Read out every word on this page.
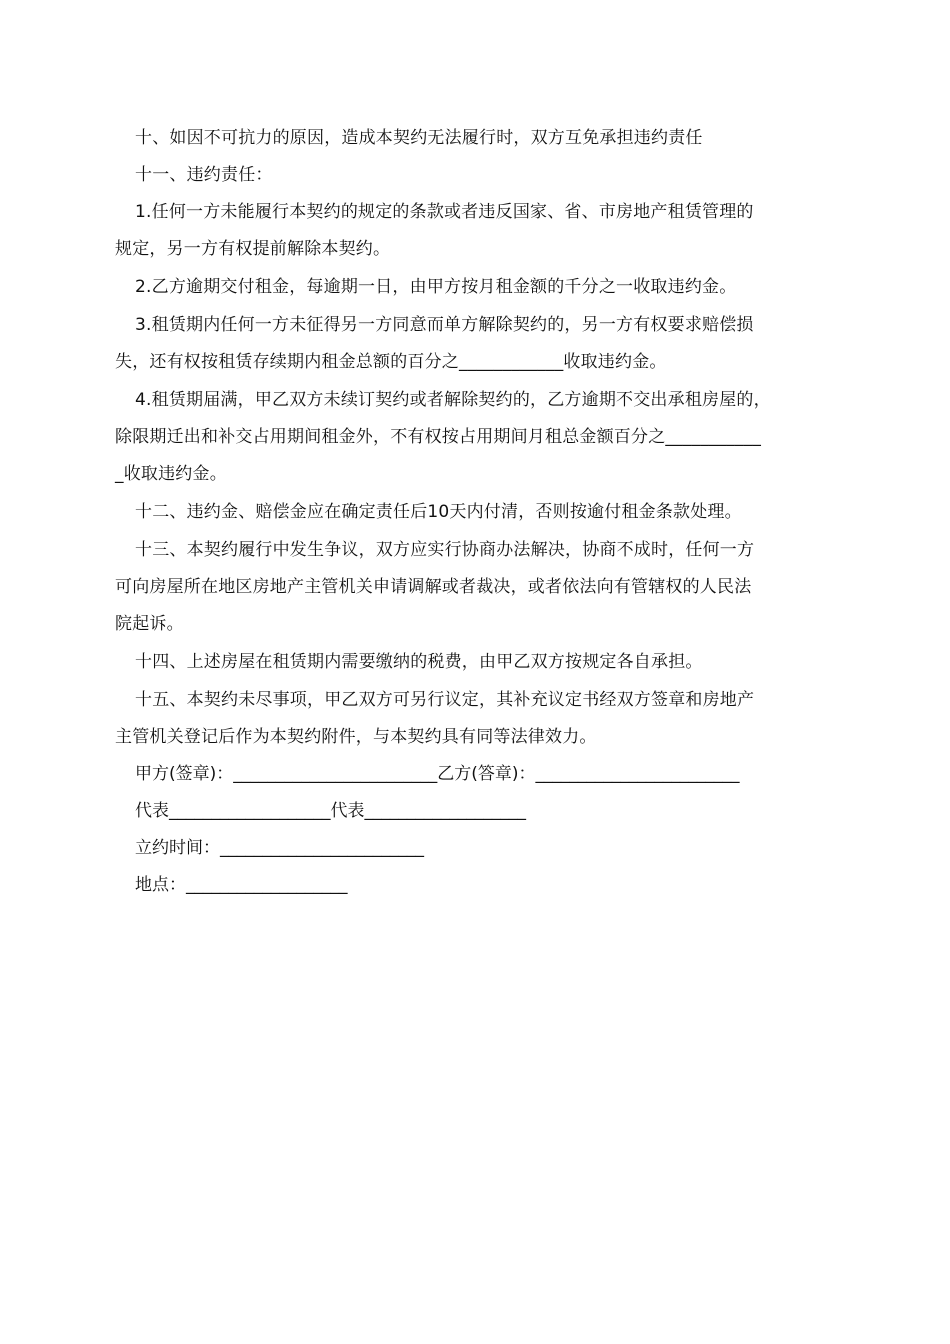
十、如因不可抗力的原因，造成本契约无法履行时，双方互免承担违约责任
十一、违约责任：
1.任何一方未能履行本契约的规定的条款或者违反国家、省、市房地产租赁管理的
规定，另一方有权提前解除本契约。
2.乙方逾期交付租金，每逾期一日，由甲方按月租金额的千分之一收取违约金。
3.租赁期内任何一方未征得另一方同意而单方解除契约的，另一方有权要求赔偿损
失，还有权按租赁存续期内租金总额的百分之____________收取违约金。
4.租赁期届满，甲乙双方未续订契约或者解除契约的，乙方逾期不交出承租房屋的，
除限期迁出和补交占用期间租金外，不有权按占用期间月租总金额百分之___________
_收取违约金。
十二、违约金、赔偿金应在确定责任后10天内付清，否则按逾付租金条款处理。
十三、本契约履行中发生争议，双方应实行协商办法解决，协商不成时，任何一方
可向房屋所在地区房地产主管机关申请调解或者裁决，或者依法向有管辖权的人民法
院起诉。
十四、上述房屋在租赁期内需要缴纳的税费，由甲乙双方按规定各自承担。
十五、本契约未尽事项，甲乙双方可另行议定，其补充议定书经双方签章和房地产
主管机关登记后作为本契约附件，与本契约具有同等法律效力。
甲方(签章)：________________________乙方(答章)：________________________
代表___________________代表___________________
立约时间：________________________
地点：___________________
